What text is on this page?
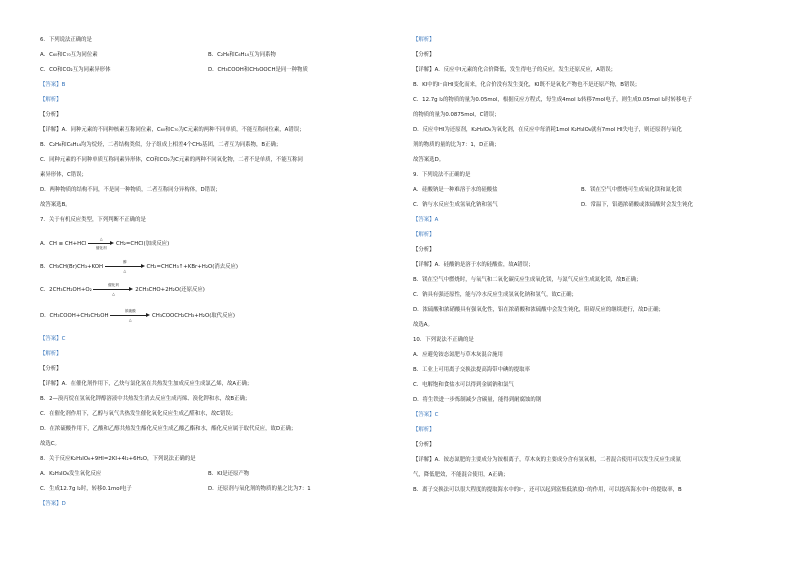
6．下列说法正确的是
A．C₆₀和C₇₀互为同位素	B．C₂H₆和C₆H₁₄互为同系物
C．CO和CO₂互为同素异形体	D．CH₃COOH和CH₃OOCH是同一种物质
【答案】B
【解析】
【分析】
【详解】A．同种元素的不同种核素互称同位素，C₆₀和C₇₀为C元素的两种不同单质，不能互称同位素，A错误；
B．C₂H₆和C₆H₁₄均为烷烃，二者结构类似，分子组成上相差4个CH₂基团，二者互为同系物，B正确；
C．同种元素的不同种单质互称同素异形体，CO和CO₂为C元素的两种不同氧化物，二者不是单质，不能互称同
素异形体，C错误；
D．两种物质的结构不同，不是同一种物质，二者互称同分异构体，D错误；
故答案选B。
7．关于有机反应类型，下列判断不正确的是
A．CH ≡ CH+HCl
△
催化剂
CH₂=CHCl(加成反应)
B．CH₃CH(Br)CH₃+KOH
醇
△
CH₂=CHCH₃↑+KBr+H₂O(消去反应)
C．2CH₃CH₂OH+O₂
催化剂
△
2CH₃CHO+2H₂O(还原反应)
D．CH₃COOH+CH₃CH₂OH
浓硫酸
△
CH₃COOCH₂CH₃+H₂O(取代反应)
【答案】C
【解析】
【分析】
【详解】A．在催化剂作用下，乙炔与氯化氢在共热发生加成反应生成氯乙烯，故A正确；
B．2—溴丙烷在氢氧化钾醇溶液中共热发生消去反应生成丙烯、溴化钾和水，故B正确；
C．在催化剂作用下，乙醇与氧气共热发生催化氧化反应生成乙醛和水，故C错误；
D．在浓硫酸作用下，乙酸和乙醇共热发生酯化反应生成乙酸乙酯和水，酯化反应属于取代反应，故D正确；
故选C。
8．关于反应K₂H₃IO₆+9HI=2KI+4I₂+6H₂O，下列说法正确的是
A．K₂H₃IO₆发生氧化反应	B．KI是还原产物
C．生成12.7g I₂时，转移0.1mol电子	D．还原剂与氧化剂的物质的量之比为7：1
【答案】D
【解析】
【分析】
【详解】A．反应中I元素的化合价降低，发生得电子的反应，发生还原反应，A错误；
B．KI中的I⁻由HI变化而来，化合价没有发生变化，KI既不是氧化产物也不是还原产物，B错误；
C．12.7g I₂的物质的量为0.05mol，根据反应方程式，每生成4mol I₂转移7mol电子，则生成0.05mol I₂时转移电子
的物质的量为0.0875mol，C错误；
D．反应中HI为还原剂，K₂H₃IO₆为氧化剂，在反应中每消耗1mol K₂H₃IO₆就有7mol HI失电子，则还原剂与氧化
剂的物质的量的比为7：1，D正确；
故答案选D。
9．下列说法不正确的是
A．硅酸钠是一种难溶于水的硅酸盐	B．镁在空气中燃烧可生成氧化镁和氮化镁
C．钠与水反应生成氢氧化钠和氢气	D．常温下，铝遇浓硝酸或浓硫酸时会发生钝化
【答案】A
【解析】
【分析】
【详解】A．硅酸钠是溶于水的硅酸盐，故A错误；
B．镁在空气中燃烧时，与氧气和二氧化碳反应生成氧化镁，与氮气反应生成氮化镁，故B正确；
C．钠具有强还原性，能与冷水反应生成氢氧化钠和氢气，故C正确；
D．浓硫酸和浓硝酸具有强氧化性，铝在浓硝酸和浓硫酸中会发生钝化，阻碍反应的继续进行，故D正确；
故选A。
10．下列说法不正确的是
A．应避免铵态氮肥与草木灰混合施用
B．工业上可用离子交换法提高海带中碘的提取率
C．电解饱和食盐水可以得到金属钠和氯气
D．将生铁进一步炼制减少含碳量，能得到耐腐蚀的钢
【答案】C
【解析】
【分析】
【详解】A．铵态氮肥的主要成分为铵根离子，草木灰的主要成分含有氢氧根，二者混合使用可以发生反应生成氨
气，降低肥效，不能混合使用，A正确；
B．离子交换法可以很大程度的提取海水中的I⁻，还可以起到富集低浓度I⁻的作用，可以提高海水中I⁻的提取率，B
